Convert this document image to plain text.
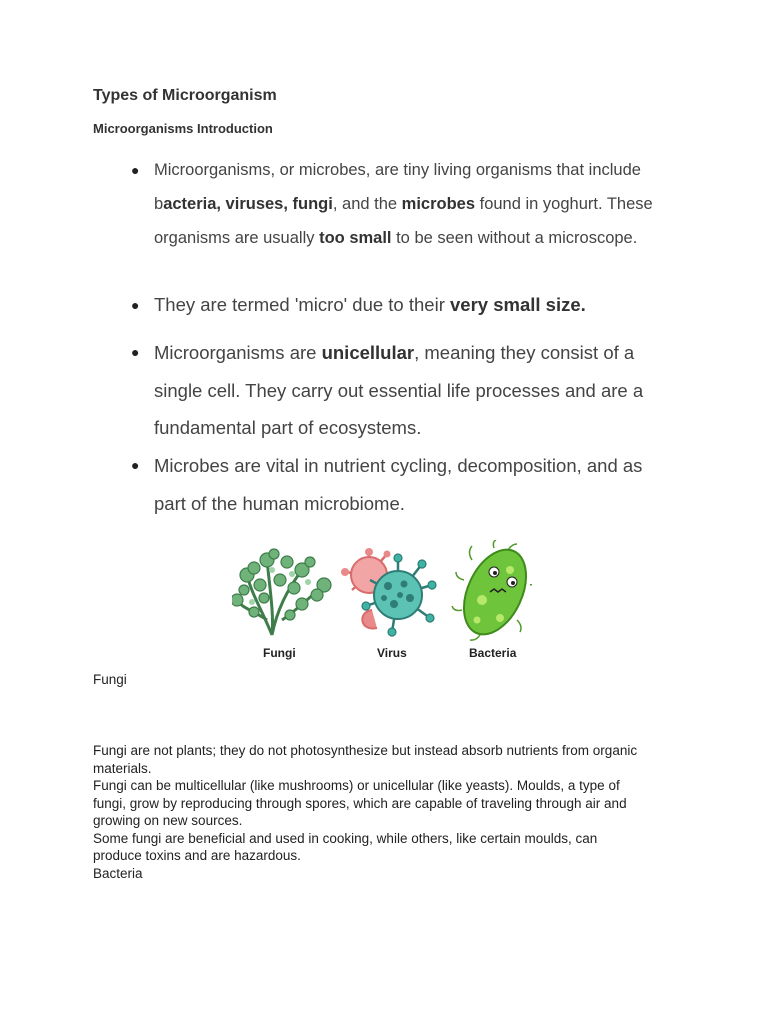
Types of Microorganism
Microorganisms Introduction
● Microorganisms, or microbes, are tiny living organisms that include bacteria, viruses, fungi, and the microbes found in yoghurt. These organisms are usually too small to be seen without a microscope.
● They are termed 'micro' due to their very small size.
● Microorganisms are unicellular, meaning they consist of a single cell. They carry out essential life processes and are a fundamental part of ecosystems.
● Microbes are vital in nutrient cycling, decomposition, and as part of the human microbiome.
Fungi	Virus	Bacteria
Fungi
Fungi are not plants; they do not photosynthesize but instead absorb nutrients from organic
materials.
Fungi can be multicellular (like mushrooms) or unicellular (like yeasts). Moulds, a type of
fungi, grow by reproducing through spores, which are capable of traveling through air and
growing on new sources.
Some fungi are beneficial and used in cooking, while others, like certain moulds, can
produce toxins and are hazardous.
Bacteria
